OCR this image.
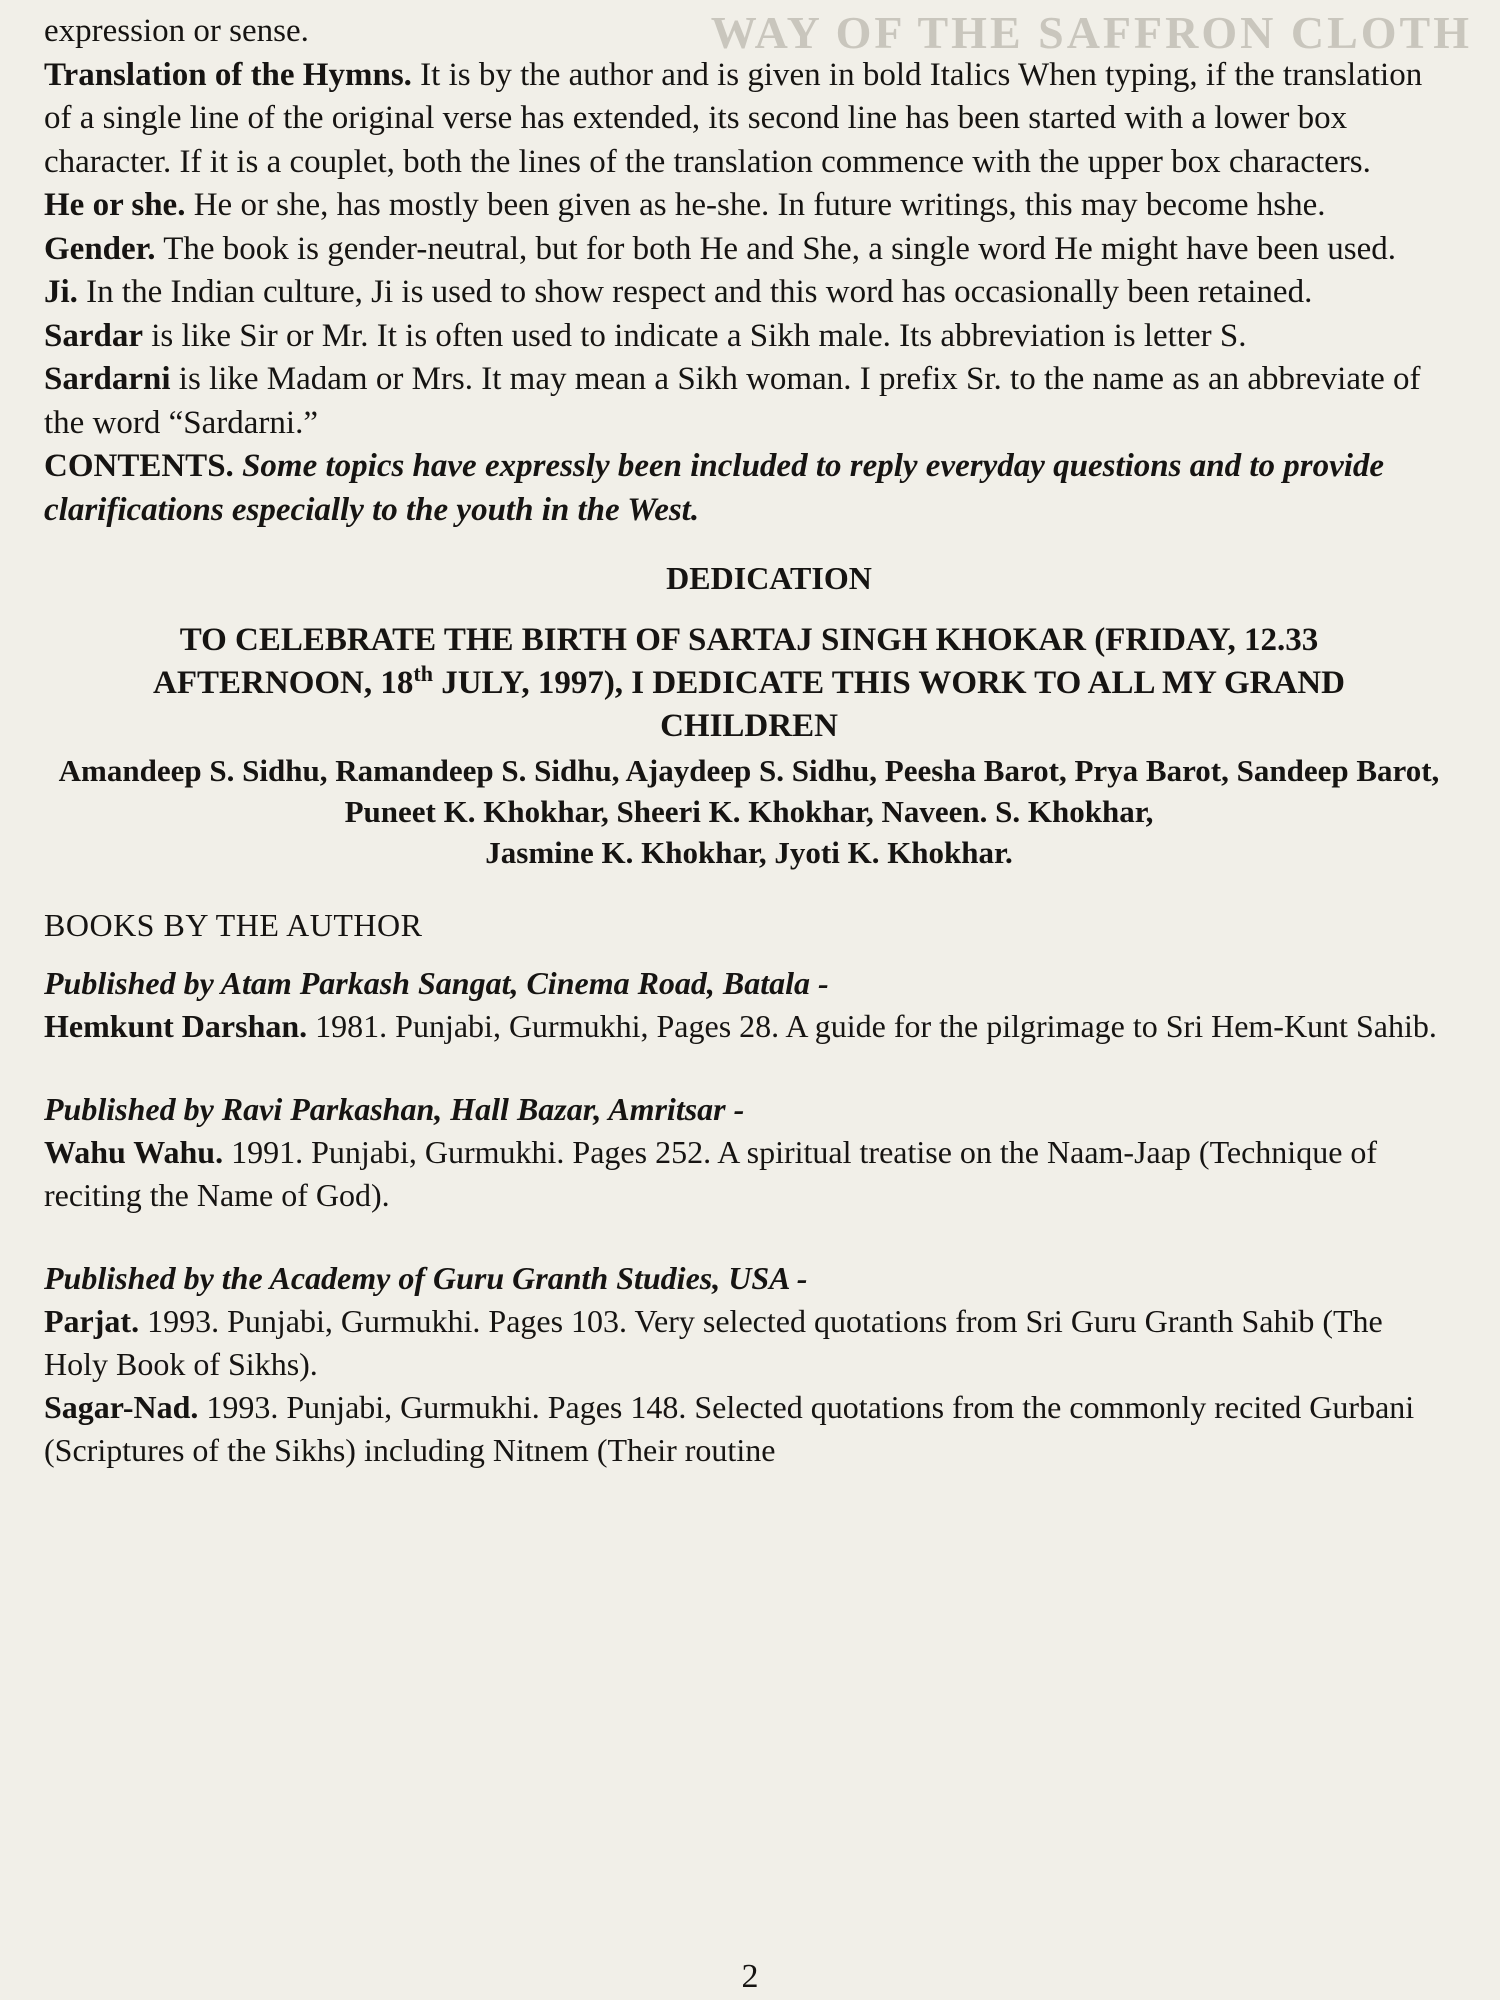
WAY OF THE SAFFRON CLOTH

expression or sense.

Translation of the Hymns. It is by the author and is given in bold Italics When typing, if the translation of a single line of the original verse has extended, its second line has been started with a lower box character. If it is a couplet, both the lines of the translation commence with the upper box characters.

He or she. He or she, has mostly been given as he-she. In future writings, this may become hshe.

Gender. The book is gender-neutral, but for both He and She, a single word He might have been used.

Ji. In the Indian culture, Ji is used to show respect and this word has occasionally been retained.

Sardar is like Sir or Mr. It is often used to indicate a Sikh male. Its abbreviation is letter S.

Sardarni is like Madam or Mrs. It may mean a Sikh woman. I prefix Sr. to the name as an abbreviate of the word “Sardarni.”

CONTENTS. Some topics have expressly been included to reply everyday questions and to provide clarifications especially to the youth in the West.

DEDICATION
TO CELEBRATE THE BIRTH OF SARTAJ SINGH KHOKAR (FRIDAY, 12.33 AFTERNOON, 18th JULY, 1997), I DEDICATE THIS WORK TO ALL MY GRAND CHILDREN
Amandeep S. Sidhu, Ramandeep S. Sidhu, Ajaydeep S. Sidhu, Peesha Barot, Prya Barot, Sandeep Barot, Puneet K. Khokhar, Sheeri K. Khokhar, Naveen. S. Khokhar,
Jasmine K. Khokhar, Jyoti K. Khokhar.
BOOKS BY THE AUTHOR

Published by Atam Parkash Sangat, Cinema Road, Batala -

Hemkunt Darshan. 1981. Punjabi, Gurmukhi, Pages 28. A guide for the pilgrimage to Sri Hem-Kunt Sahib.

Published by Ravi Parkashan, Hall Bazar, Amritsar -

Wahu Wahu. 1991. Punjabi, Gurmukhi. Pages 252. A spiritual treatise on the Naam-Jaap (Technique of reciting the Name of God).

Published by the Academy of Guru Granth Studies, USA -

Parjat. 1993. Punjabi, Gurmukhi. Pages 103. Very selected quotations from Sri Guru Granth Sahib (The Holy Book of Sikhs).

Sagar-Nad. 1993. Punjabi, Gurmukhi. Pages 148. Selected quotations from the commonly recited Gurbani (Scriptures of the Sikhs) including Nitnem (Their routine

2
